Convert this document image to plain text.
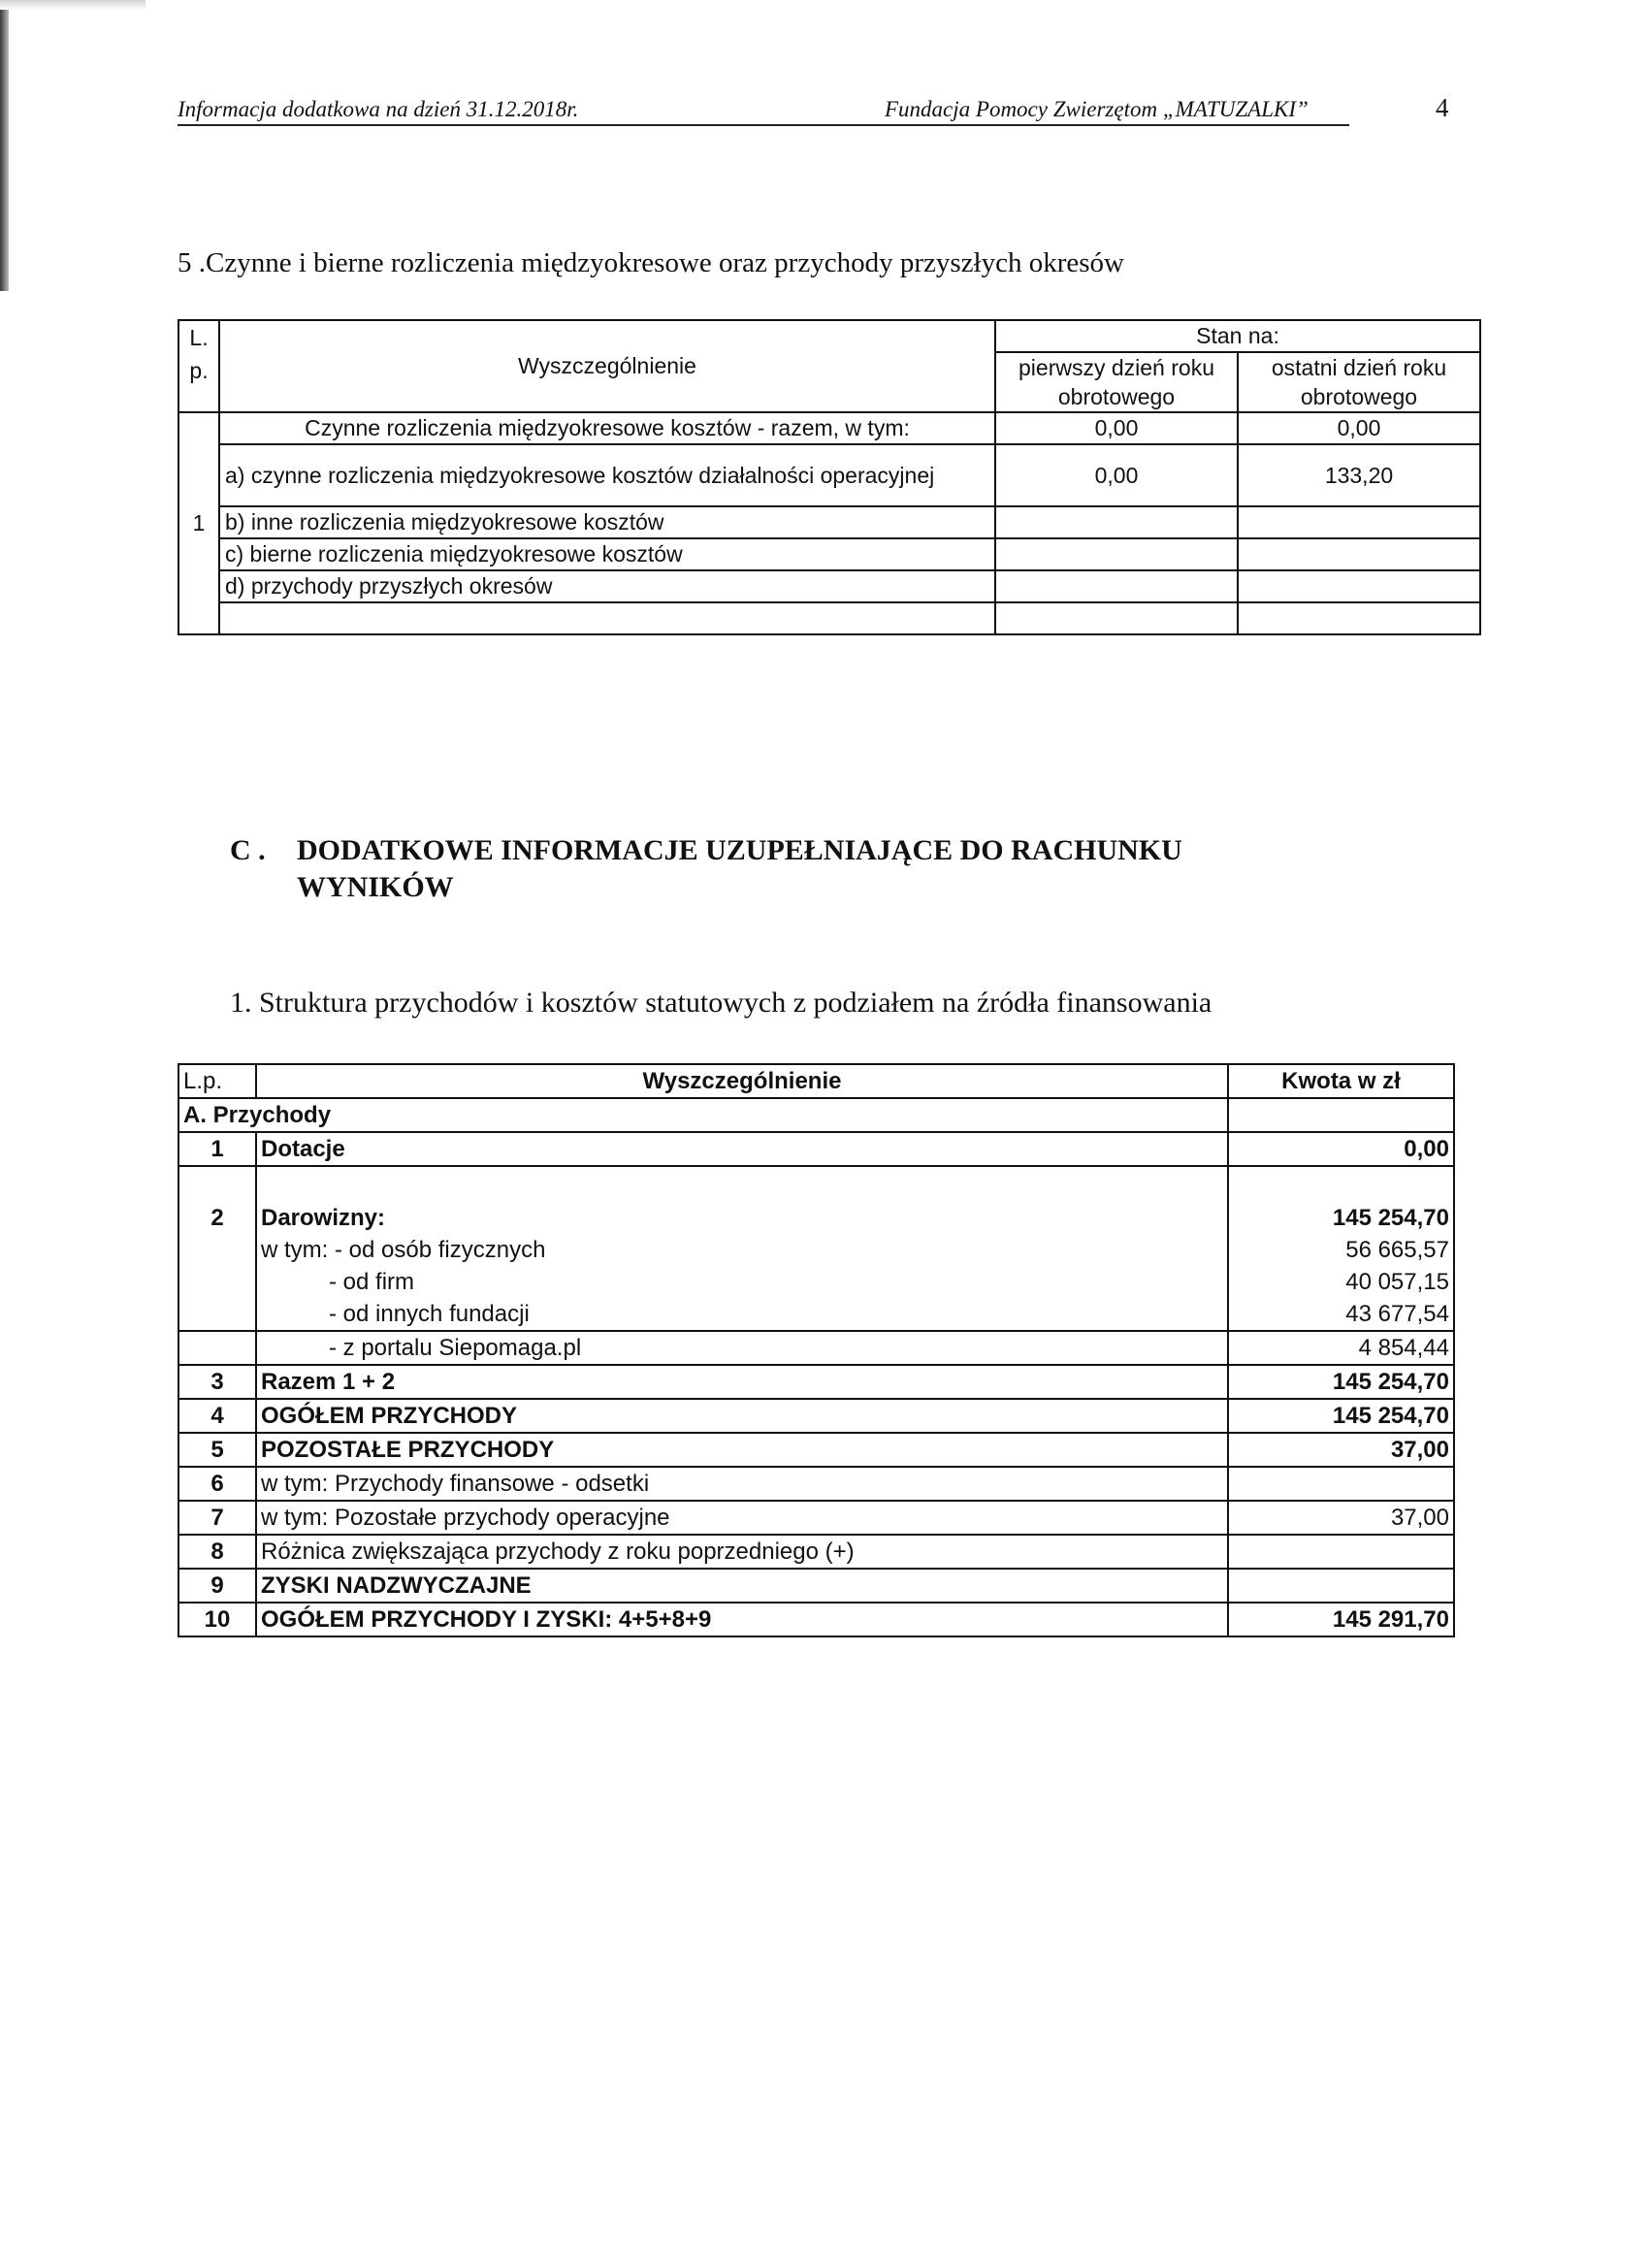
Informacja dodatkowa na dzień 31.12.2018r.	Fundacja Pomocy Zwierzętom „MATUZALKI”	4
5 .Czynne i bierne rozliczenia międzyokresowe oraz przychody przyszłych okresów
L. p.	Wyszczególnienie	Stan na:	
		pierwszy dzień roku obrotowego	ostatni dzień roku obrotowego
1	Czynne rozliczenia międzyokresowe kosztów - razem, w tym:	0,00	0,00
	a) czynne rozliczenia międzyokresowe kosztów działalności operacyjnej	0,00	133,20
	b) inne rozliczenia międzyokresowe kosztów		
	c) bierne rozliczenia międzyokresowe kosztów		
	d) przychody przyszłych okresów		

C . DODATKOWE INFORMACJE UZUPEŁNIAJĄCE DO RACHUNKU WYNIKÓW
1. Struktura przychodów i kosztów statutowych z podziałem na źródła finansowania
L.p.	Wyszczególnienie	Kwota w zł
A. Przychody		
1	Dotacje	0,00

2	Darowizny:	145 254,70
	w tym: - od osób fizycznych	56 665,57
	- od firm	40 057,15
	- od innych fundacji	43 677,54
	- z portalu Siepomaga.pl	4 854,44
3	Razem 1 + 2	145 254,70
4	OGÓŁEM PRZYCHODY	145 254,70
5	POZOSTAŁE PRZYCHODY	37,00
6	w tym: Przychody finansowe - odsetki	
7	w tym: Pozostałe przychody operacyjne	37,00
8	Różnica zwiększająca przychody z roku poprzedniego (+)	
9	ZYSKI NADZWYCZAJNE	
10	OGÓŁEM PRZYCHODY I ZYSKI: 4+5+8+9	145 291,70
